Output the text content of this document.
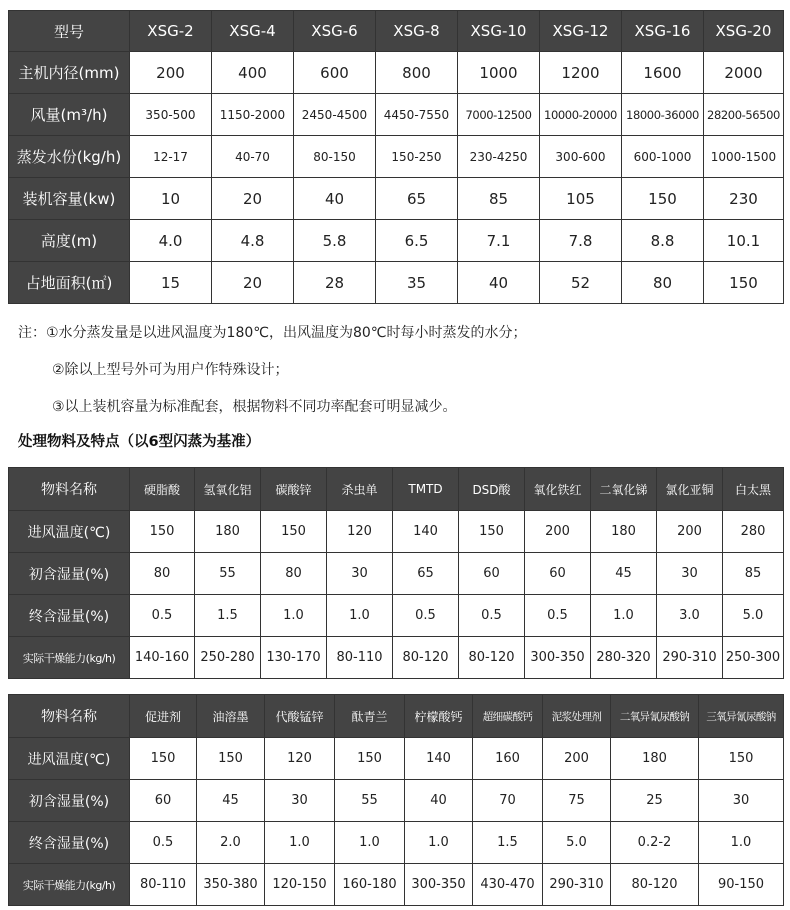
型号	XSG-2	XSG-4	XSG-6	XSG-8	XSG-10	XSG-12	XSG-16	XSG-20
主机内径(mm)	200	400	600	800	1000	1200	1600	2000
风量(m³/h)	350-500	1150-2000	2450-4500	4450-7550	7000-12500	10000-20000	18000-36000	28200-56500
蒸发水份(kg/h)	12-17	40-70	80-150	150-250	230-4250	300-600	600-1000	1000-1500
装机容量(kw)	10	20	40	65	85	105	150	230
高度(m)	4.0	4.8	5.8	6.5	7.1	7.8	8.8	10.1
占地面积(㎡)	15	20	28	35	40	52	80	150
注：①水分蒸发量是以进风温度为180℃，出风温度为80℃时每小时蒸发的水分；
②除以上型号外可为用户作特殊设计；
③以上装机容量为标准配套，根据物料不同功率配套可明显减少。
处理物料及特点（以6型闪蒸为基准）
物料名称	硬脂酸	氢氧化铝	碳酸锌	杀虫单	TMTD	DSD酸	氧化铁红	二氧化锑	氯化亚铜	白太黑
进风温度(℃)	150	180	150	120	140	150	200	180	200	280
初含湿量(%)	80	55	80	30	65	60	60	45	30	85
终含湿量(%)	0.5	1.5	1.0	1.0	0.5	0.5	0.5	1.0	3.0	5.0
实际干燥能力(kg/h)	140-160	250-280	130-170	80-110	80-120	80-120	300-350	280-320	290-310	250-300
物料名称	促进剂	油溶墨	代酸锰锌	酞青兰	柠檬酸钙	超细碳酸钙	泥浆处理剂	二氧异氰尿酸钠	三氧异氰尿酸钠
进风温度(℃)	150	150	120	150	140	160	200	180	150
初含湿量(%)	60	45	30	55	40	70	75	25	30
终含湿量(%)	0.5	2.0	1.0	1.0	1.0	1.5	5.0	0.2-2	1.0
实际干燥能力(kg/h)	80-110	350-380	120-150	160-180	300-350	430-470	290-310	80-120	90-150
